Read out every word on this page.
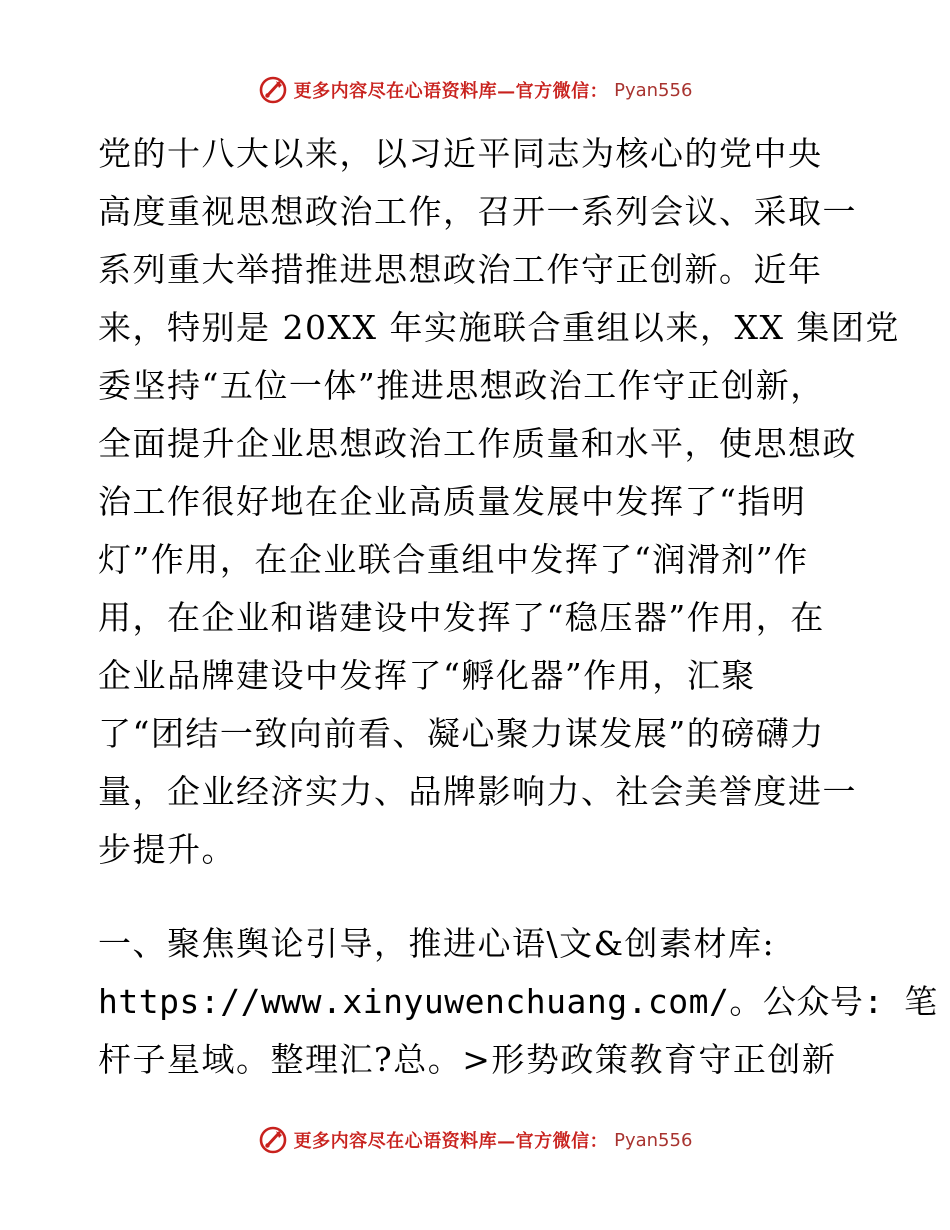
更多内容尽在心语资料库—官方微信： Pyan556
党的十八大以来，以习近平同志为核心的党中央
高度重视思想政治工作，召开一系列会议、采取一
系列重大举措推进思想政治工作守正创新。近年
来，特别是 20XX 年实施联合重组以来，XX 集团党
委坚持“五位一体”推进思想政治工作守正创新，
全面提升企业思想政治工作质量和水平，使思想政
治工作很好地在企业高质量发展中发挥了“指明
灯”作用，在企业联合重组中发挥了“润滑剂”作
用，在企业和谐建设中发挥了“稳压器”作用，在
企业品牌建设中发挥了“孵化器”作用，汇聚
了“团结一致向前看、凝心聚力谋发展”的磅礴力
量，企业经济实力、品牌影响力、社会美誉度进一
步提升。
一、聚焦舆论引导，推进心语\文&创素材库:
https://www.xinyuwenchuang.com/。公众号: 笔
杆子星域。整理汇?总。>形势政策教育守正创新
更多内容尽在心语资料库—官方微信： Pyan556
